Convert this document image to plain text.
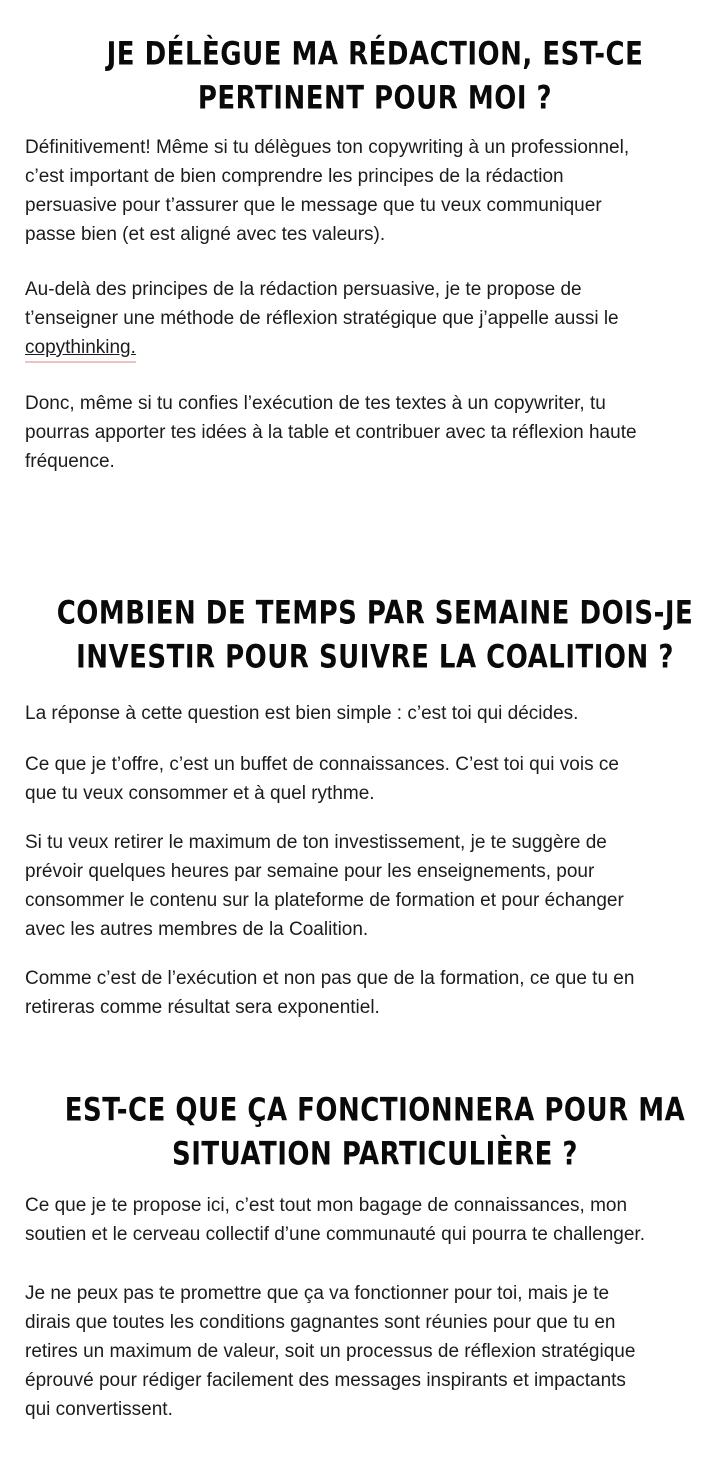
JE DÉLÈGUE MA RÉDACTION, EST-CE
PERTINENT POUR MOI ?

Définitivement! Même si tu délègues ton copywriting à un professionnel,
c’est important de bien comprendre les principes de la rédaction
persuasive pour t’assurer que le message que tu veux communiquer
passe bien (et est aligné avec tes valeurs).

Au-delà des principes de la rédaction persuasive, je te propose de
t’enseigner une méthode de réflexion stratégique que j’appelle aussi le
copythinking.

Donc, même si tu confies l’exécution de tes textes à un copywriter, tu
pourras apporter tes idées à la table et contribuer avec ta réflexion haute
fréquence.

COMBIEN DE TEMPS PAR SEMAINE DOIS-JE
INVESTIR POUR SUIVRE LA COALITION ?

La réponse à cette question est bien simple : c’est toi qui décides.

Ce que je t’offre, c’est un buffet de connaissances. C’est toi qui vois ce
que tu veux consommer et à quel rythme.

Si tu veux retirer le maximum de ton investissement, je te suggère de
prévoir quelques heures par semaine pour les enseignements, pour
consommer le contenu sur la plateforme de formation et pour échanger
avec les autres membres de la Coalition.

Comme c’est de l’exécution et non pas que de la formation, ce que tu en
retireras comme résultat sera exponentiel.

EST-CE QUE ÇA FONCTIONNERA POUR MA
SITUATION PARTICULIÈRE ?

Ce que je te propose ici, c’est tout mon bagage de connaissances, mon
soutien et le cerveau collectif d’une communauté qui pourra te challenger.

Je ne peux pas te promettre que ça va fonctionner pour toi, mais je te
dirais que toutes les conditions gagnantes sont réunies pour que tu en
retires un maximum de valeur, soit un processus de réflexion stratégique
éprouvé pour rédiger facilement des messages inspirants et impactants
qui convertissent.
